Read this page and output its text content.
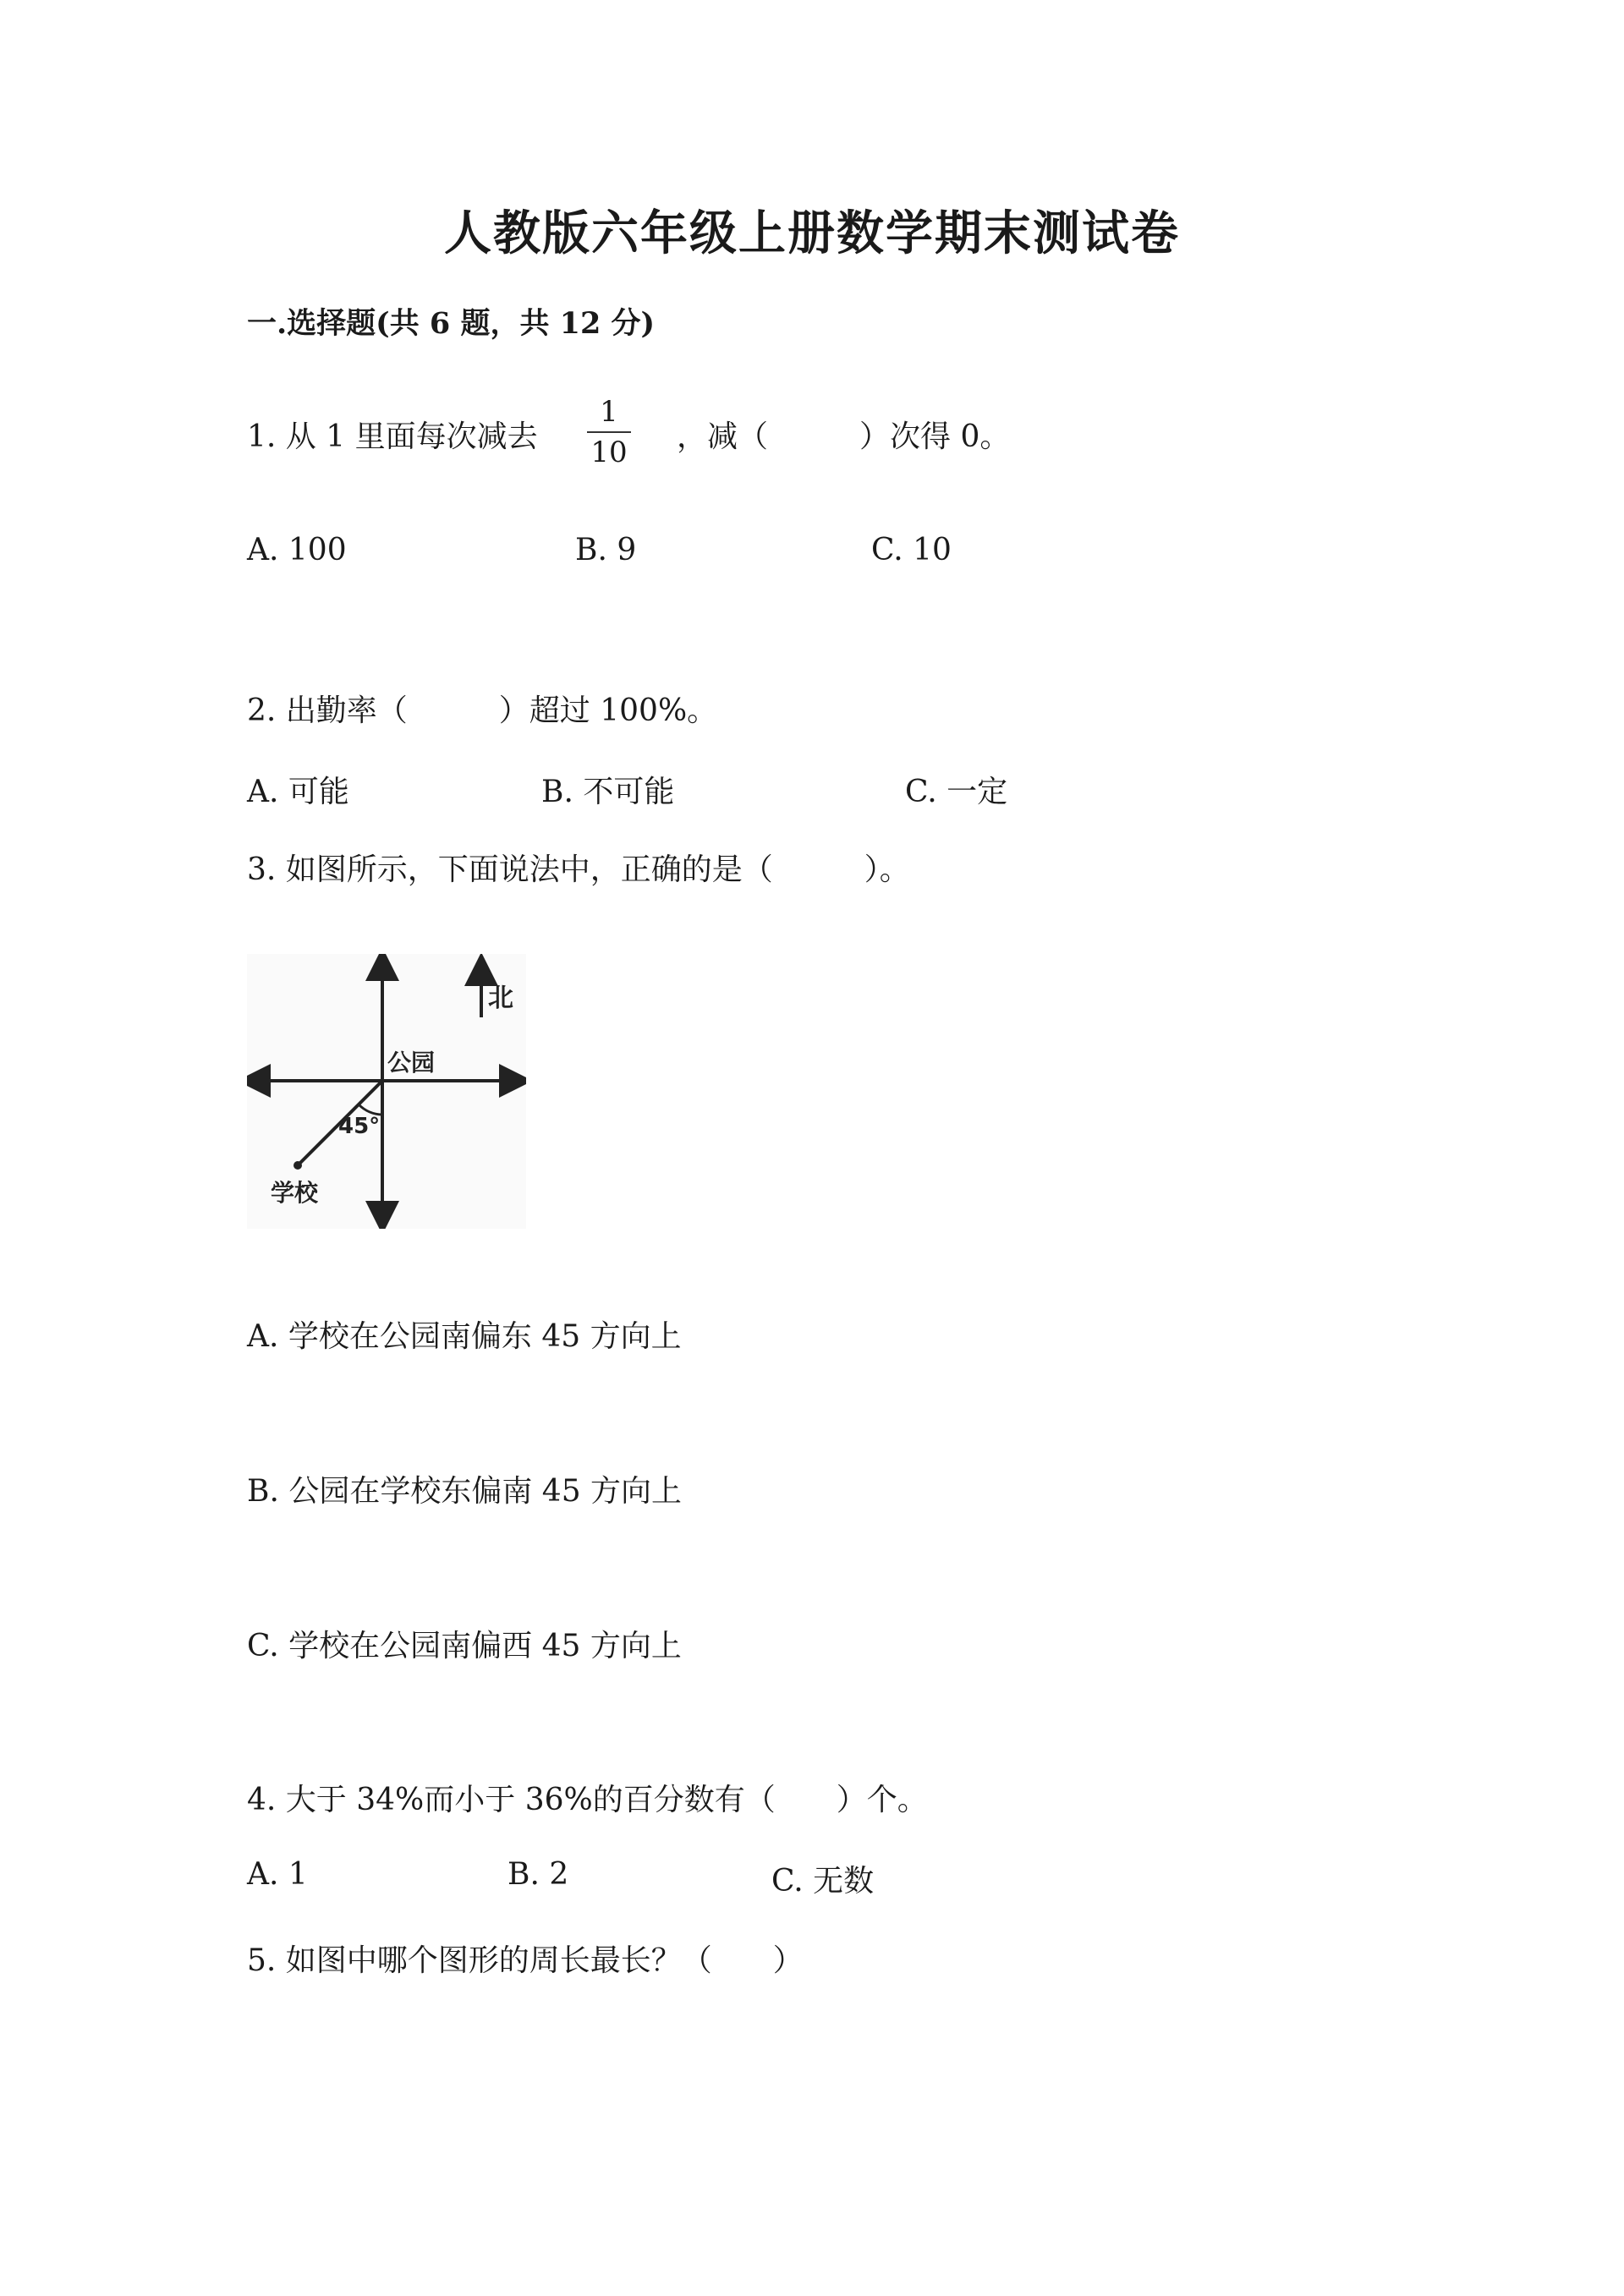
人教版六年级上册数学期末测试卷
一.选择题(共 6 题，共 12 分)
1. 从 1 里面每次减去
1
10 ，减（　　　）次得 0。
A. 100	B. 9	C. 10
2. 出勤率（　　　）超过 100%。
A. 可能	B. 不可能	C. 一定
3. 如图所示，下面说法中，正确的是（　　　）。
北
公园
45°
学校
A. 学校在公园南偏东 45 方向上
B. 公园在学校东偏南 45 方向上
C. 学校在公园南偏西 45 方向上
4. 大于 34%而小于 36%的百分数有（　　）个。
A. 1	B. 2	C. 无数
5. 如图中哪个图形的周长最长？（　　）
